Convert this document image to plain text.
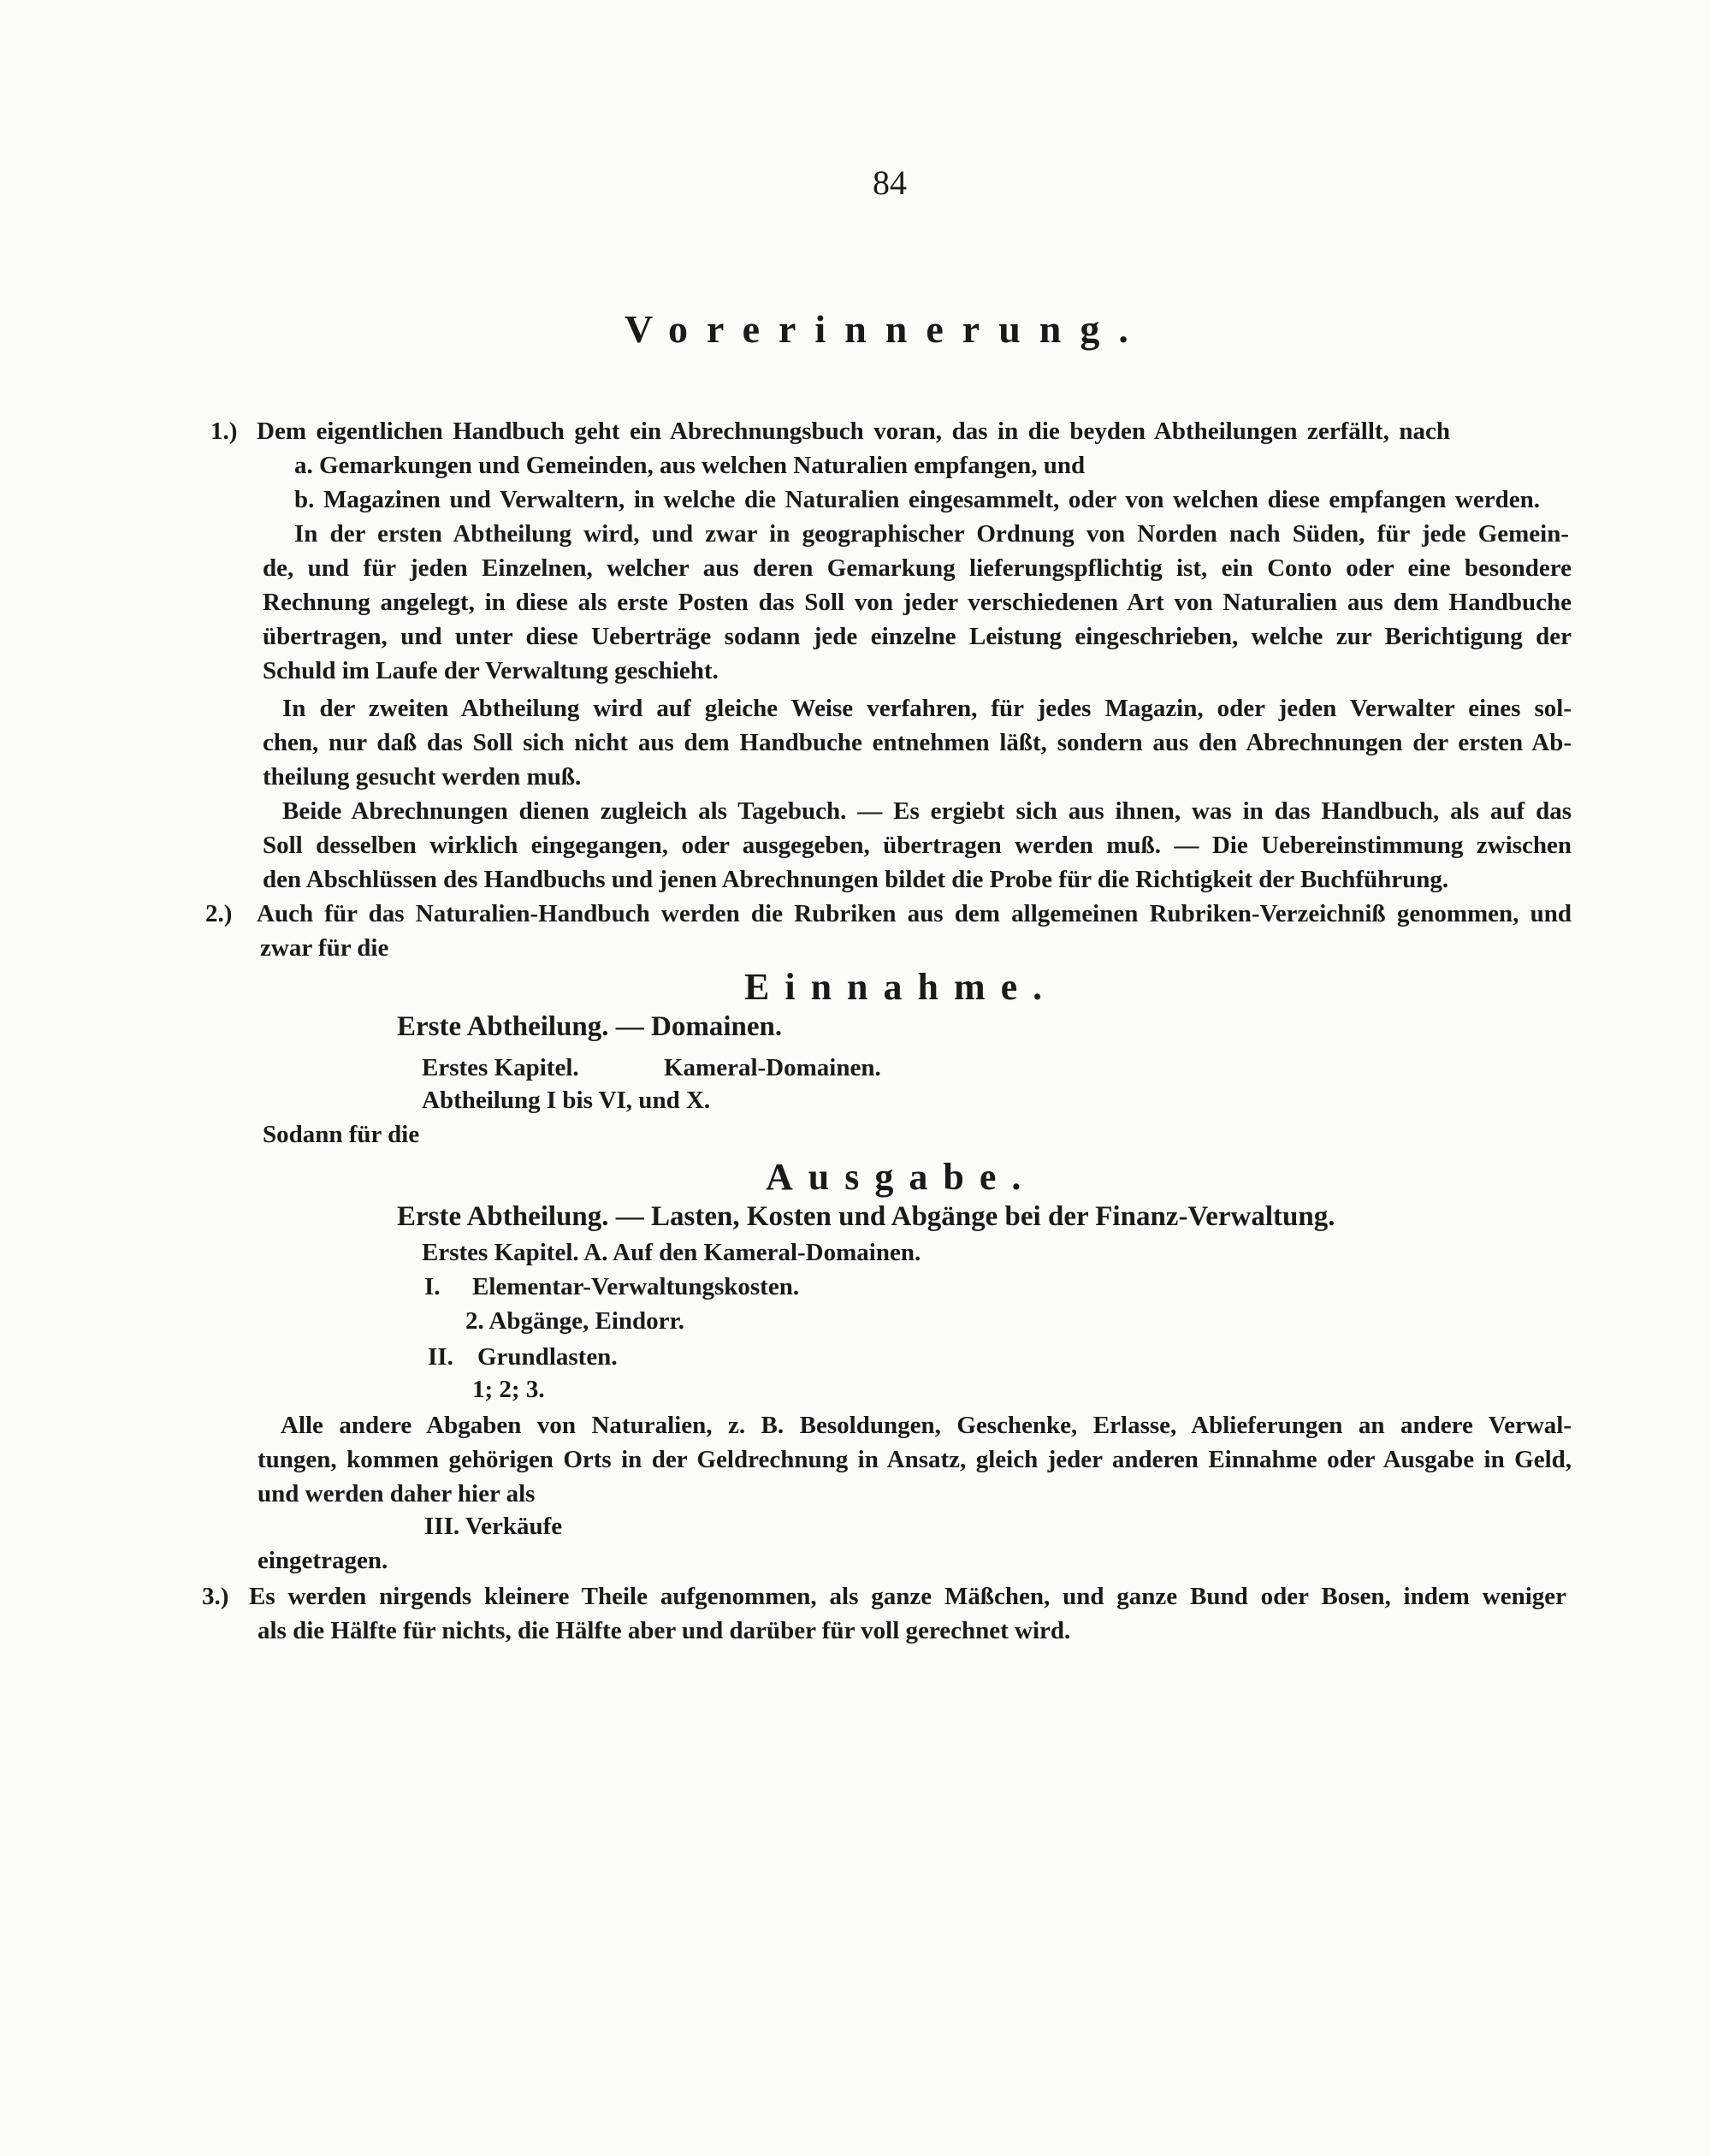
84
Vorerinnerung.
1.) Dem eigentlichen Handbuch geht ein Abrechnungsbuch voran, das in die beyden Abtheilungen zerfällt, nach
a. Gemarkungen und Gemeinden, aus welchen Naturalien empfangen, und
b. Magazinen und Verwaltern, in welche die Naturalien eingesammelt, oder von welchen diese empfangen werden.
In der ersten Abtheilung wird, und zwar in geographischer Ordnung von Norden nach Süden, für jede Gemein-
de, und für jeden Einzelnen, welcher aus deren Gemarkung lieferungspflichtig ist, ein Conto oder eine besondere
Rechnung angelegt, in diese als erste Posten das Soll von jeder verschiedenen Art von Naturalien aus dem Handbuche
übertragen, und unter diese Ueberträge sodann jede einzelne Leistung eingeschrieben, welche zur Berichtigung der
Schuld im Laufe der Verwaltung geschieht.
In der zweiten Abtheilung wird auf gleiche Weise verfahren, für jedes Magazin, oder jeden Verwalter eines sol-
chen, nur daß das Soll sich nicht aus dem Handbuche entnehmen läßt, sondern aus den Abrechnungen der ersten Ab-
theilung gesucht werden muß.
Beide Abrechnungen dienen zugleich als Tagebuch. — Es ergiebt sich aus ihnen, was in das Handbuch, als auf das
Soll desselben wirklich eingegangen, oder ausgegeben, übertragen werden muß. — Die Uebereinstimmung zwischen
den Abschlüssen des Handbuchs und jenen Abrechnungen bildet die Probe für die Richtigkeit der Buchführung.
2.) Auch für das Naturalien-Handbuch werden die Rubriken aus dem allgemeinen Rubriken-Verzeichniß genommen, und
zwar für die
Einnahme.
Erste Abtheilung. — Domainen.
Erstes Kapitel.	Kameral-Domainen.
Abtheilung I bis VI, und X.
Sodann für die
Ausgabe.
Erste Abtheilung. — Lasten, Kosten und Abgänge bei der Finanz-Verwaltung.
Erstes Kapitel. A. Auf den Kameral-Domainen.
I. Elementar-Verwaltungskosten.
2. Abgänge, Eindorr.
II. Grundlasten.
1; 2; 3.
Alle andere Abgaben von Naturalien, z. B. Besoldungen, Geschenke, Erlasse, Ablieferungen an andere Verwal-
tungen, kommen gehörigen Orts in der Geldrechnung in Ansatz, gleich jeder anderen Einnahme oder Ausgabe in Geld,
und werden daher hier als
III. Verkäufe
eingetragen.
3.) Es werden nirgends kleinere Theile aufgenommen, als ganze Mäßchen, und ganze Bund oder Bosen, indem weniger
als die Hälfte für nichts, die Hälfte aber und darüber für voll gerechnet wird.
